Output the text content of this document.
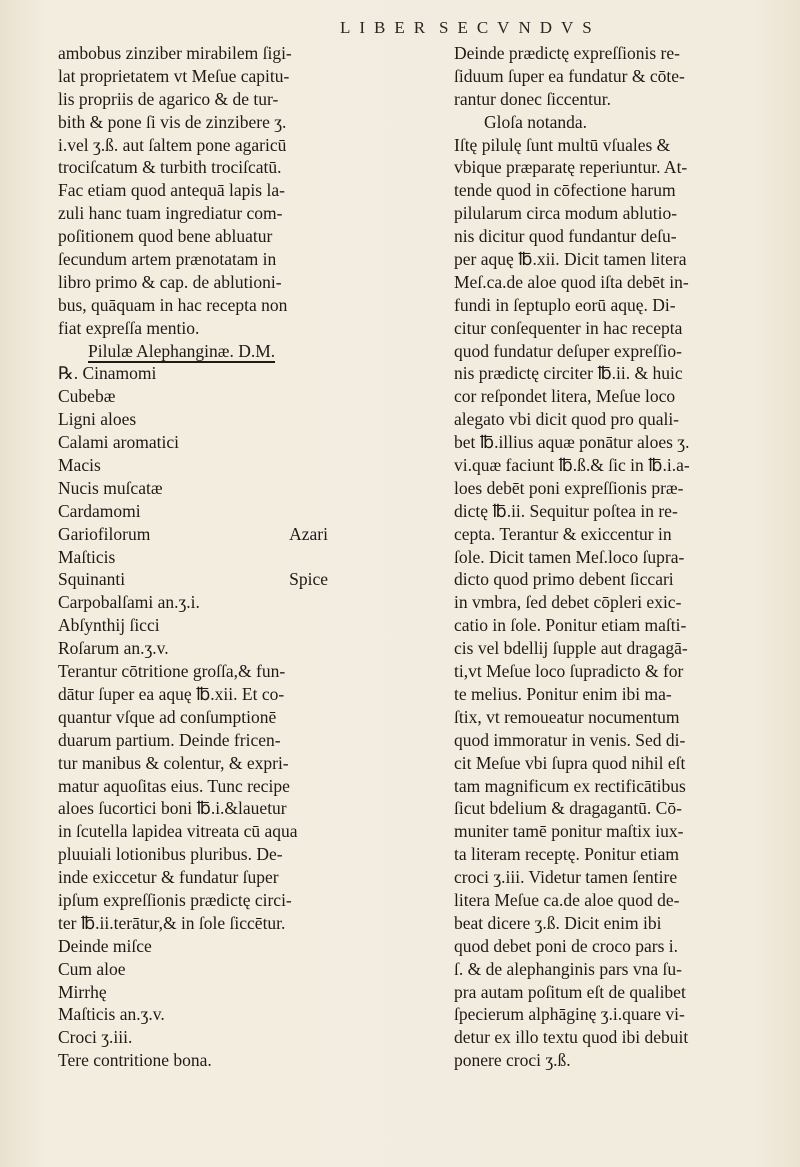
LIBER SECVNDVS
ambobus zinziber mirabilem ſigi-
lat proprietatem vt Meſue capitu-
lis propriis de agarico & de tur-
bith & pone ſi vis de zinzibere ʒ.
i.vel ʒ.ß. aut ſaltem pone agaricū
trociſcatum & turbith trociſcatū.
Fac etiam quod antequā lapis la-
zuli hanc tuam ingrediatur com-
poſitionem quod bene abluatur
ſecundum artem prænotatam in
libro primo & cap. de ablutioni-
bus, quāquam in hac recepta non
fiat expreſſa mentio.
Pilulæ Alephanginæ. D.M.
℞. Cinamomi
Cubebæ
Ligni aloes
Calami aromatici
Macis
Nucis muſcatæ
Cardamomi
Gariofilorum	Azari
Maſticis
Squinanti	Spice
Carpobalſami an.ʒ.i.
Abſynthij ſicci
Roſarum an.ʒ.v.
Terantur cōtritione groſſa,& fun-
dātur ſuper ea aquę ℔.xii. Et co-
quantur vſque ad conſumptionē
duarum partium. Deinde fricen-
tur manibus & colentur, & expri-
matur aquoſitas eius. Tunc recipe
aloes ſucortici boni ℔.i.&lauetur
in ſcutella lapidea vitreata cū aqua
pluuiali lotionibus pluribus. De-
inde exiccetur & fundatur ſuper
ipſum expreſſionis prædictę circi-
ter ℔.ii.terātur,& in ſole ſiccētur.
Deinde miſce
Cum aloe
Mirrhę
Maſticis an.ʒ.v.
Croci ʒ.iii.
Tere contritione bona.
Deinde prædictę expreſſionis re-
ſiduum ſuper ea fundatur & cōte-
rantur donec ſiccentur.
Gloſa notanda.
Iſtę pilulę ſunt multū vſuales &
vbique præparatę reperiuntur. At-
tende quod in cōfectione harum
pilularum circa modum ablutio-
nis dicitur quod fundantur deſu-
per aquę ℔.xii. Dicit tamen litera
Meſ.ca.de aloe quod iſta debēt in-
fundi in ſeptuplo eorū aquę. Di-
citur conſequenter in hac recepta
quod fundatur deſuper expreſſio-
nis prædictę circiter ℔.ii. & huic
cor reſpondet litera, Meſue loco
alegato vbi dicit quod pro quali-
bet ℔.illius aquæ ponātur aloes ʒ.
vi.quæ faciunt ℔.ß.& ſic in ℔.i.a-
loes debēt poni expreſſionis præ-
dictę ℔.ii. Sequitur poſtea in re-
cepta. Terantur & exiccentur in
ſole. Dicit tamen Meſ.loco ſupra-
dicto quod primo debent ſiccari
in vmbra, ſed debet cōpleri exic-
catio in ſole. Ponitur etiam maſti-
cis vel bdellij ſupple aut dragagā-
ti,vt Meſue loco ſupradicto & for
te melius. Ponitur enim ibi ma-
ſtix, vt remoueatur nocumentum
quod immoratur in venis. Sed di-
cit Meſue vbi ſupra quod nihil eſt
tam magnificum ex rectificātibus
ſicut bdelium & dragagantū. Cō-
muniter tamē ponitur maſtix iux-
ta literam receptę. Ponitur etiam
croci ʒ.iii. Videtur tamen ſentire
litera Meſue ca.de aloe quod de-
beat dicere ʒ.ß. Dicit enim ibi
quod debet poni de croco pars i.
ſ. & de alephanginis pars vna ſu-
pra autam poſitum eſt de qualibet
ſpecierum alphāginę ʒ.i.quare vi-
detur ex illo textu quod ibi debuit
ponere croci ʒ.ß.
